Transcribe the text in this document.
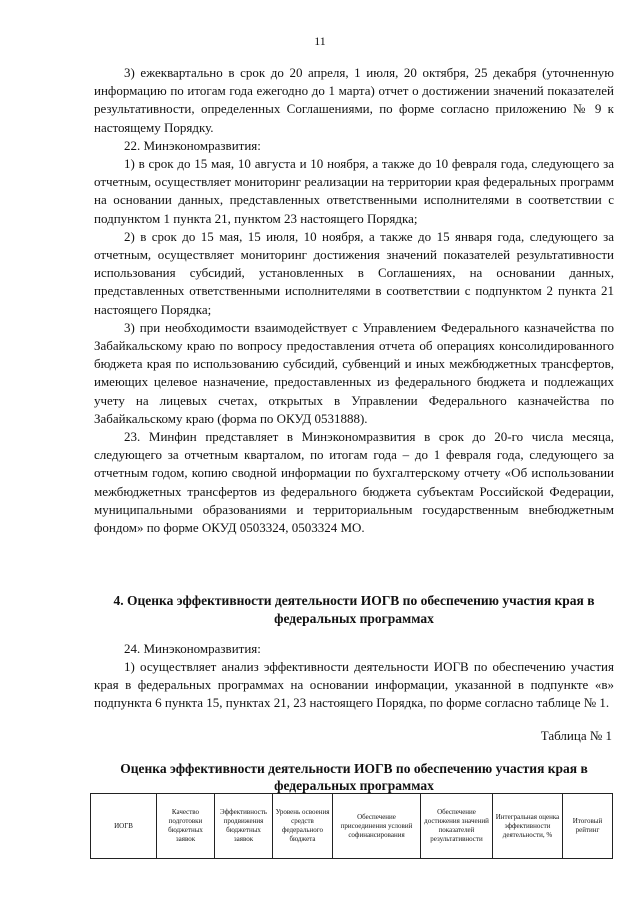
11

3) ежеквартально в срок до 20 апреля, 1 июля, 20 октября, 25 декабря (уточненную информацию по итогам года ежегодно до 1 марта) отчет о достижении значений показателей результативности, определенных Соглашениями, по форме согласно приложению № 9 к настоящему Порядку.

22. Минэкономразвития:

1) в срок до 15 мая, 10 августа и 10 ноября, а также до 10 февраля года, следующего за отчетным, осуществляет мониторинг реализации на территории края федеральных программ на основании данных, представленных ответственными исполнителями в соответствии с подпунктом 1 пункта 21, пунктом 23 настоящего Порядка;

2) в срок до 15 мая, 15 июля, 10 ноября, а также до 15 января года, следующего за отчетным, осуществляет мониторинг достижения значений показателей результативности использования субсидий, установленных в Соглашениях, на основании данных, представленных ответственными исполнителями в соответствии с подпунктом 2 пункта 21 настоящего Порядка;

3) при необходимости взаимодействует с Управлением Федерального казначейства по Забайкальскому краю по вопросу предоставления отчета об операциях консолидированного бюджета края по использованию субсидий, субвенций и иных межбюджетных трансфертов, имеющих целевое назначение, предоставленных из федерального бюджета и подлежащих учету на лицевых счетах, открытых в Управлении Федерального казначейства по Забайкальскому краю (форма по ОКУД 0531888).

23. Минфин представляет в Минэкономразвития в срок до 20-го числа месяца, следующего за отчетным кварталом, по итогам года – до 1 февраля года, следующего за отчетным годом, копию сводной информации по бухгалтерскому отчету «Об использовании межбюджетных трансфертов из федерального бюджета субъектам Российской Федерации, муниципальными образованиями и территориальным государственным внебюджетным фондом» по форме ОКУД 0503324, 0503324 МО.

4. Оценка эффективности деятельности ИОГВ по обеспечению участия края в федеральных программах

24. Минэкономразвития:

1) осуществляет анализ эффективности деятельности ИОГВ по обеспечению участия края в федеральных программах на основании информации, указанной в подпункте «в» подпункта 6 пункта 15, пунктах 21, 23 настоящего Порядка, по форме согласно таблице № 1.

Таблица № 1
Оценка эффективности деятельности ИОГВ по обеспечению участия края в федеральных программах
ИОГВ	Качество подготовки бюджетных заявок	Эффективность продвижения бюджетных заявок	Уровень освоения средств федерального бюджета	Обеспечение присоединения условий софинансирования	Обеспечение достижения значений показателей результативности	Интегральная оценка эффективности деятельности, %	Итоговый рейтинг
